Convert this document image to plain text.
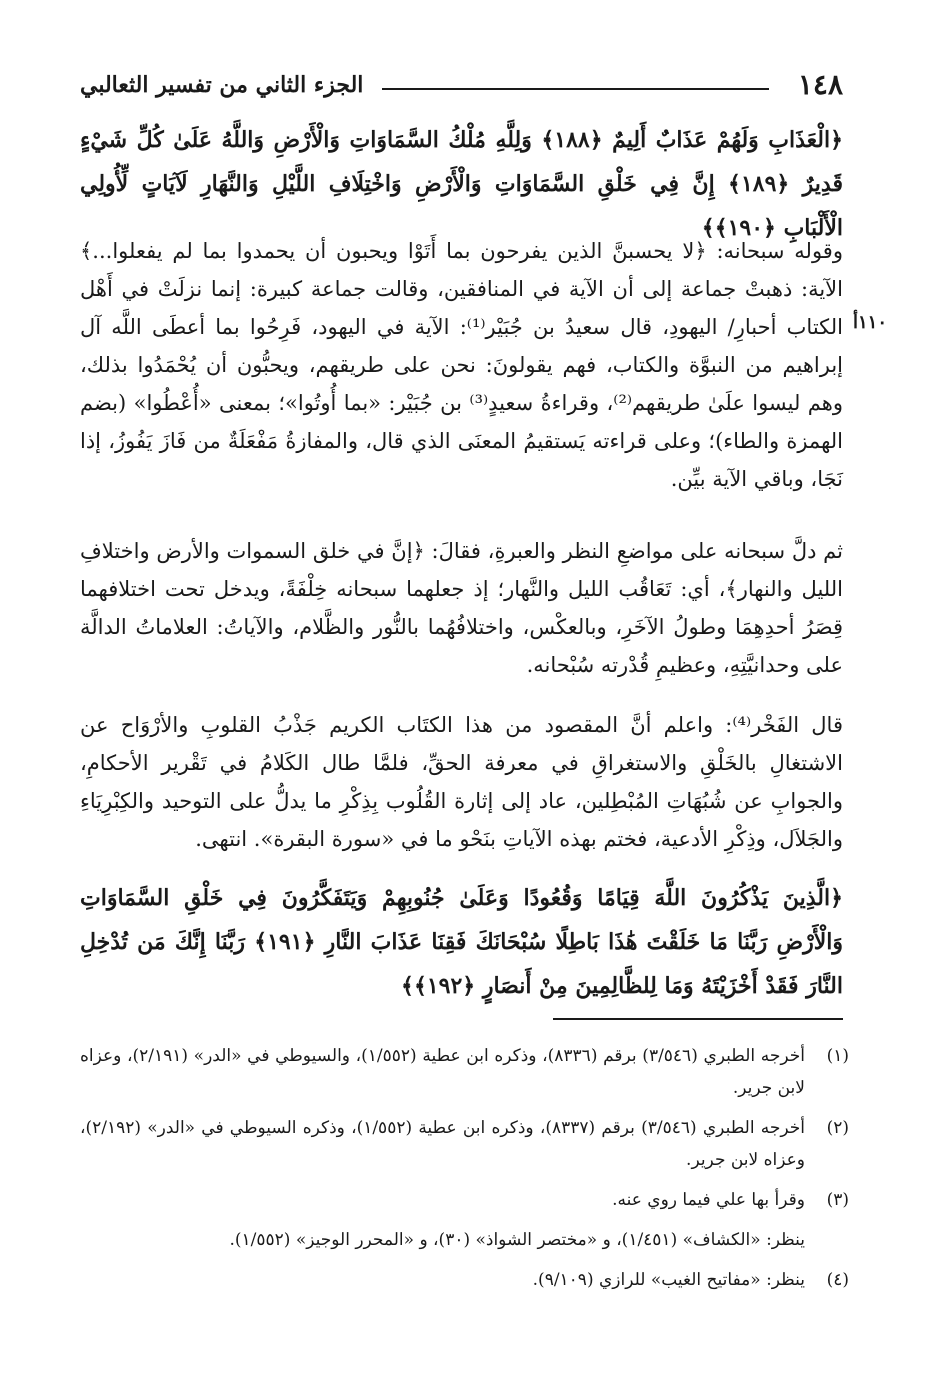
١٤٨
الجزء الثاني من تفسير الثعالبي
١١٠أ
﴿الْعَذَابِ وَلَهُمْ عَذَابٌ أَلِيمٌ ﴿١٨٨﴾ وَلِلَّهِ مُلْكُ السَّمَاوَاتِ وَالْأَرْضِ وَاللَّهُ عَلَىٰ كُلِّ شَيْءٍ قَدِيرٌ ﴿١٨٩﴾ إِنَّ فِي خَلْقِ السَّمَاوَاتِ وَالْأَرْضِ وَاخْتِلَافِ اللَّيْلِ وَالنَّهَارِ لَآيَاتٍ لِّأُولِي الْأَلْبَابِ ﴿١٩٠﴾﴾
وقوله سبحانه: ﴿لا يحسبنَّ الذين يفرحون بما أَتَوْا ويحبون أن يحمدوا بما لم يفعلوا...﴾ الآية: ذهبتْ جماعة إلى أن الآية في المنافقين، وقالت جماعة كبيرة: إنما نزلَتْ في أَهْل الكتاب أحبارِ/ اليهودِ، قال سعيدُ بن جُبَيْر⁽¹⁾: الآية في اليهود، فَرِحُوا بما أعطَى اللَّه آل إبراهيم من النبوَّة والكتاب، فهم يقولونَ: نحن على طريقهم، ويحبُّون أن يُحْمَدُوا بذلك، وهم ليسوا علَىٰ طريقهم⁽²⁾، وقراءةُ سعيدٍ⁽³⁾ بن جُبَيْر: «بما أُوتُوا»؛ بمعنى «أُعْطُوا» (بضم الهمزة والطاء)؛ وعلى قراءته يَستقيمُ المعنَى الذي قال، والمفازةُ مَفْعَلَةٌ من فَازَ يَفُوزُ، إذا نَجَا، وباقي الآية بيِّن.
ثم دلَّ سبحانه على مواضعِ النظر والعبرةِ، فقالَ: ﴿إنَّ في خلق السموات والأرض واختلافِ الليل والنهار﴾، أي: تَعَاقُب الليل والنَّهار؛ إذ جعلهما سبحانه خِلْفَةً، ويدخل تحت اختلافهما قِصَرُ أحدِهِمَا وطولُ الآخَرِ، وبالعكْس، واختلافُهُما بالنُّور والظَّلام، والآياتُ: العلاماتُ الدالَّة على وحدانيَّتِهِ، وعظيمِ قُدْرته سُبْحانه.
قال الفَخْر⁽⁴⁾: واعلم أنَّ المقصود من هذا الكتَاب الكريم جَذْبُ القلوبِ والأرْوَاح عن الاشتغالِ بالخَلْقِ والاستغراقِ في معرفة الحقِّ، فلمَّا طال الكَلامُ في تَقْرير الأحكامِ، والجوابِ عن شُبُهَاتِ المُبْطِلين، عاد إلى إثارة القُلُوب بِذِكْرِ ما يدلُّ على التوحيد والكِبْرِيَاءِ والجَلاَل، وذِكْرِ الأدعية، فختم بهذه الآياتِ بنَحْو ما في «سورة البقرة». انتهى.
﴿الَّذِينَ يَذْكُرُونَ اللَّهَ قِيَامًا وَقُعُودًا وَعَلَىٰ جُنُوبِهِمْ وَيَتَفَكَّرُونَ فِي خَلْقِ السَّمَاوَاتِ وَالْأَرْضِ رَبَّنَا مَا خَلَقْتَ هَٰذَا بَاطِلًا سُبْحَانَكَ فَقِنَا عَذَابَ النَّارِ ﴿١٩١﴾ رَبَّنَا إِنَّكَ مَن تُدْخِلِ النَّارَ فَقَدْ أَخْزَيْتَهُ وَمَا لِلظَّالِمِينَ مِنْ أَنصَارٍ ﴿١٩٢﴾﴾
(١)
أخرجه الطبري (٣/٥٤٦) برقم (٨٣٣٦)، وذكره ابن عطية (١/٥٥٢)، والسيوطي في «الدر» (٢/١٩١)، وعزاه لابن جرير.
(٢)
أخرجه الطبري (٣/٥٤٦) برقم (٨٣٣٧)، وذكره ابن عطية (١/٥٥٢)، وذكره السيوطي في «الدر» (٢/١٩٢)، وعزاه لابن جرير.
(٣)
وقرأ بها علي فيما روي عنه.
ينظر: «الكشاف» (١/٤٥١)، و «مختصر الشواذ» (٣٠)، و «المحرر الوجيز» (١/٥٥٢).
(٤)
ينظر: «مفاتيح الغيب» للرازي (٩/١٠٩).
